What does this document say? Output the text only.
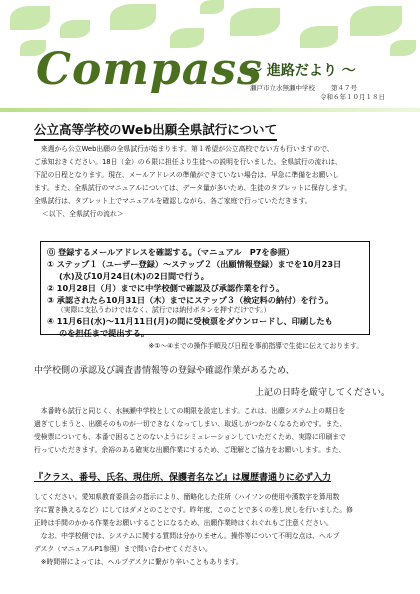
Compass
～ 進路だより ～
瀬戸市立水無瀬中学校 第４７号
令和６年１０月１８日
公立高等学校のWeb出願全県試行について
来週から公立Web出願の全県試行が始まります。第１希望が公立高校でない方も行いますので、
ご承知おきください。18日（金）の６限に担任より生徒への説明を行いました。全県試行の流れは、
下記の日程となります。現在、メールアドレスの準備ができていない場合は、早急に準備をお願いし
ます。また、全県試行のマニュアルについては、データ量が多いため、生徒のタブレットに保存します。
全県試行は、タブレット上でマニュアルを確認しながら、各ご家庭で行っていただきます。
＜以下、全県試行の流れ＞
⓪ 登録するメールアドレスを確認する。（マニュアル　P7を参照）
① ステップ１（ユーザー登録）～ステップ２（出願情報登録）までを10月23日
(水)及び10月24日(木)の2日間で行う。
② 10月28日（月）までに中学校側で確認及び承認作業を行う。
③ 承認されたら10月31日（木）までにステップ３（検定料の納付）を行う。
（実際に支払うわけではなく、試行では納付ボタンを押すだけです。）
④ 11月6日(水)～11月11日(月)の間に受検票をダウンロードし、印刷したも
のを担任まで提出する。
※①～④までの操作手順及び日程を事前指導で生徒に伝えております。
中学校側の承認及び調査書情報等の登録や確認作業があるため、
上記の日時を厳守してください。
本番時も試行と同じく、水無瀬中学校としての期限を設定します。これは、出願システム上の期日を
過ぎてしまうと、出願そのものが一切できなくなってしまい、取返しがつかなくなるためです。また、
受検票についても、本番で困ることのないようにシミュレーションしていただくため、実際に印刷まで
行っていただきます。余裕のある確実な出願作業にするため、ご理解とご協力をお願いします。また、
『クラス、番号、氏名、現住所、保護者名など』は履歴書通りに必ず入力
してください。愛知県教育委員会の指示により、簡略化した住所（ハイフンの使用や漢数字を算用数
字に置き換えるなど）にしてはダメとのことです。昨年度、このことで多くの差し戻しを行いました。修
正時は手間のかかる作業をお願いすることになるため、出願作業時はくれぐれもご注意ください。
なお、中学校側では、システムに関する質問は分かりません。操作等について不明な点は、ヘルプ
デスク（マニュアルP1参照）まで問い合わせてください。
※時間帯によっては、ヘルプデスクに繋がり辛いこともあります。
